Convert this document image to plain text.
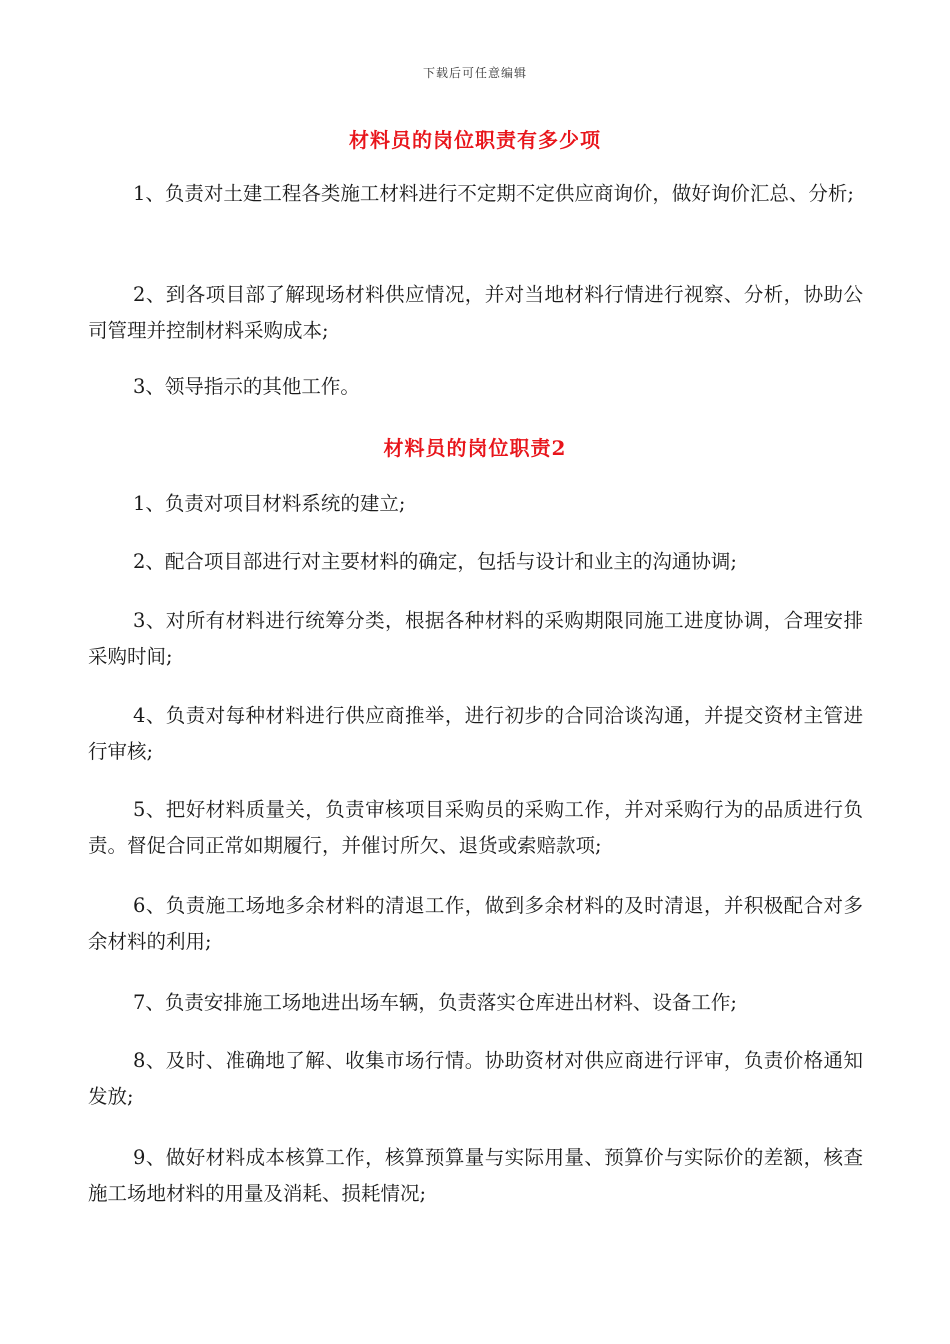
下载后可任意编辑
材料员的岗位职责有多少项
1、负责对土建工程各类施工材料进行不定期不定供应商询价，做好询价汇总、分析;
2、到各项目部了解现场材料供应情况，并对当地材料行情进行视察、分析，协助公司管理并控制材料采购成本;
3、领导指示的其他工作。
材料员的岗位职责2
1、负责对项目材料系统的建立;
2、配合项目部进行对主要材料的确定，包括与设计和业主的沟通协调;
3、对所有材料进行统筹分类，根据各种材料的采购期限同施工进度协调，合理安排采购时间;
4、负责对每种材料进行供应商推举，进行初步的合同洽谈沟通，并提交资材主管进行审核;
5、把好材料质量关，负责审核项目采购员的采购工作，并对采购行为的品质进行负责。督促合同正常如期履行，并催讨所欠、退货或索赔款项;
6、负责施工场地多余材料的清退工作，做到多余材料的及时清退，并积极配合对多余材料的利用;
7、负责安排施工场地进出场车辆，负责落实仓库进出材料、设备工作;
8、及时、准确地了解、收集市场行情。协助资材对供应商进行评审，负责价格通知发放;
9、做好材料成本核算工作，核算预算量与实际用量、预算价与实际价的差额，核查施工场地材料的用量及消耗、损耗情况;
